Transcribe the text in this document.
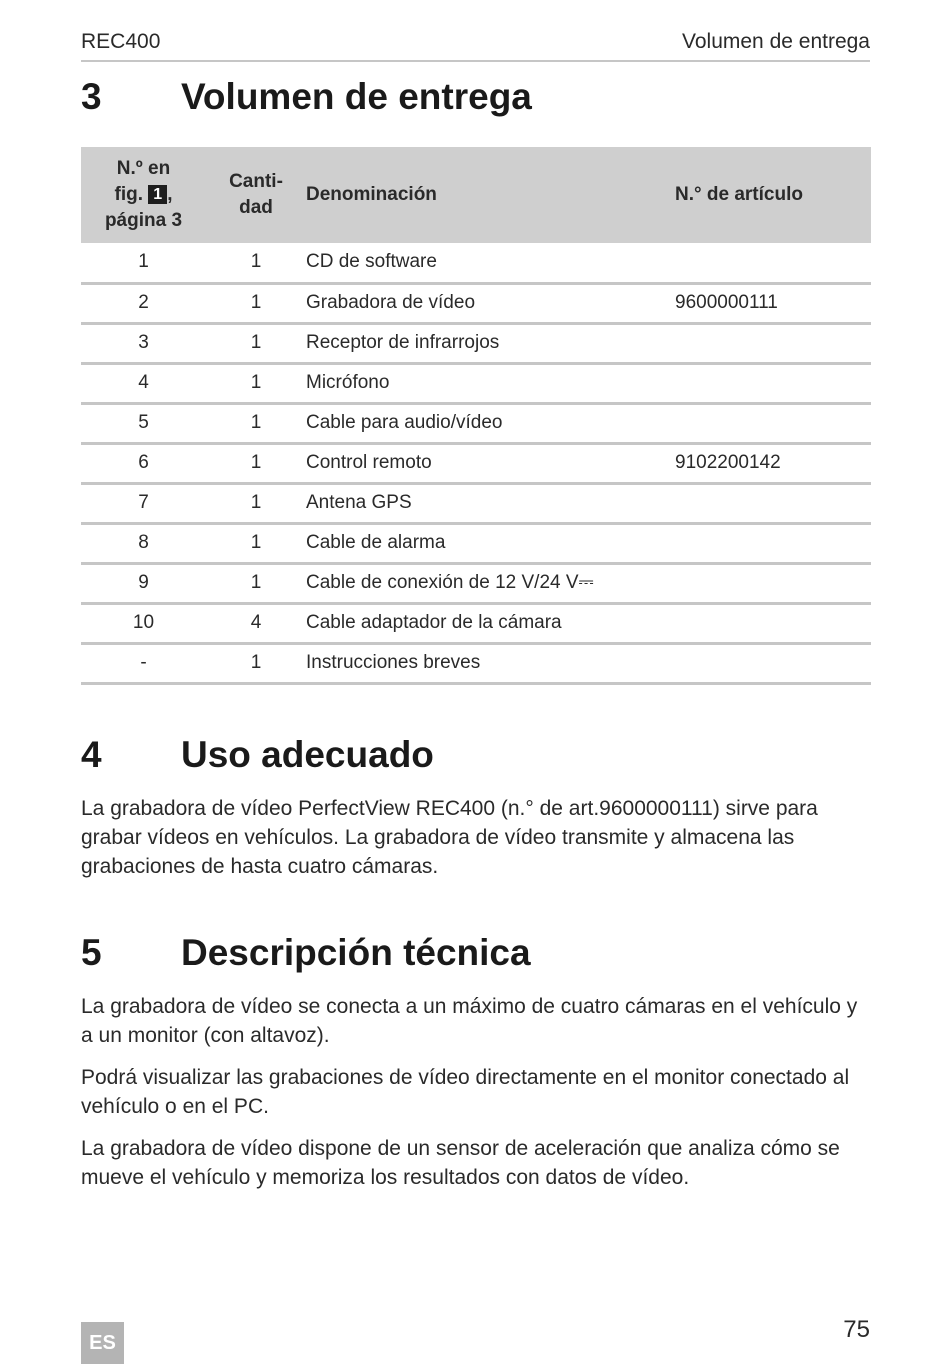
REC400	Volumen de entrega
3	Volumen de entrega
N.º en
fig. 1 ,
página 3	Canti-
dad	Denominación	N.° de artículo
1	1	CD de software	
2	1	Grabadora de vídeo	9600000111
3	1	Receptor de infrarrojos	
4	1	Micrófono	
5	1	Cable para audio/vídeo	
6	1	Control remoto	9102200142
7	1	Antena GPS	
8	1	Cable de alarma	
9	1	Cable de conexión de 12 V/24 V⎓	
10	4	Cable adaptador de la cámara	
-	1	Instrucciones breves	
4	Uso adecuado

La grabadora de vídeo PerfectView REC400 (n.° de art.9600000111) sirve para grabar vídeos en vehículos. La grabadora de vídeo transmite y almacena las grabaciones de hasta cuatro cámaras.

5	Descripción técnica

La grabadora de vídeo se conecta a un máximo de cuatro cámaras en el vehículo y a un monitor (con altavoz).

Podrá visualizar las grabaciones de vídeo directamente en el monitor conectado al vehículo o en el PC.

La grabadora de vídeo dispone de un sensor de aceleración que analiza cómo se mueve el vehículo y memoriza los resultados con datos de vídeo.

ES	75
